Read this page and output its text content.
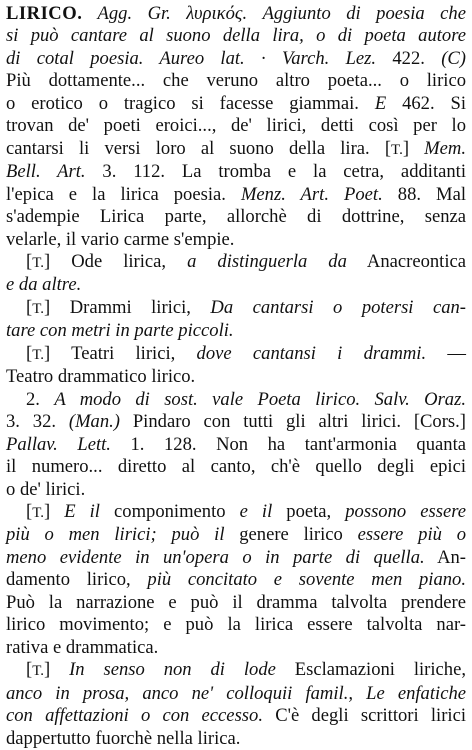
LIRICO. Agg. Gr. λυρικός. Aggiunto di poesia che
si può cantare al suono della lira, o di poeta autore
di cotal poesia. Aureo lat. · Varch. Lez. 422. (C)
Più dottamente... che veruno altro poeta... o lirico
o erotico o tragico si facesse giammai. E 462. Si
trovan de' poeti eroici..., de' lirici, detti così per lo
cantarsi li versi loro al suono della lira. [T.] Mem.
Bell. Art. 3. 112. La tromba e la cetra, additanti
l'epica e la lirica poesia. Menz. Art. Poet. 88. Mal
s'adempie Lirica parte, allorchè di dottrine, senza
velarle, il vario carme s'empie.
[T.] Ode lirica, a distinguerla da Anacreontica
e da altre.
[T.] Drammi lirici, Da cantarsi o potersi can-
tare con metri in parte piccoli.
[T.] Teatri lirici, dove cantansi i drammi. —
Teatro drammatico lirico.
2. A modo di sost. vale Poeta lirico. Salv. Oraz.
3. 32. (Man.) Pindaro con tutti gli altri lirici. [Cors.]
Pallav. Lett. 1. 128. Non ha tant'armonia quanta
il numero... diretto al canto, ch'è quello degli epici
o de' lirici.
[T.] E il componimento e il poeta, possono essere
più o men lirici; può il genere lirico essere più o
meno evidente in un'opera o in parte di quella. An-
damento lirico, più concitato e sovente men piano.
Può la narrazione e può il dramma talvolta prendere
lirico movimento; e può la lirica essere talvolta nar-
rativa e drammatica.
[T.] In senso non di lode Esclamazioni liriche,
anco in prosa, anco ne' colloquii famil., Le enfatiche
con affettazioni o con eccesso. C'è degli scrittori lirici
dappertutto fuorchè nella lirica.
